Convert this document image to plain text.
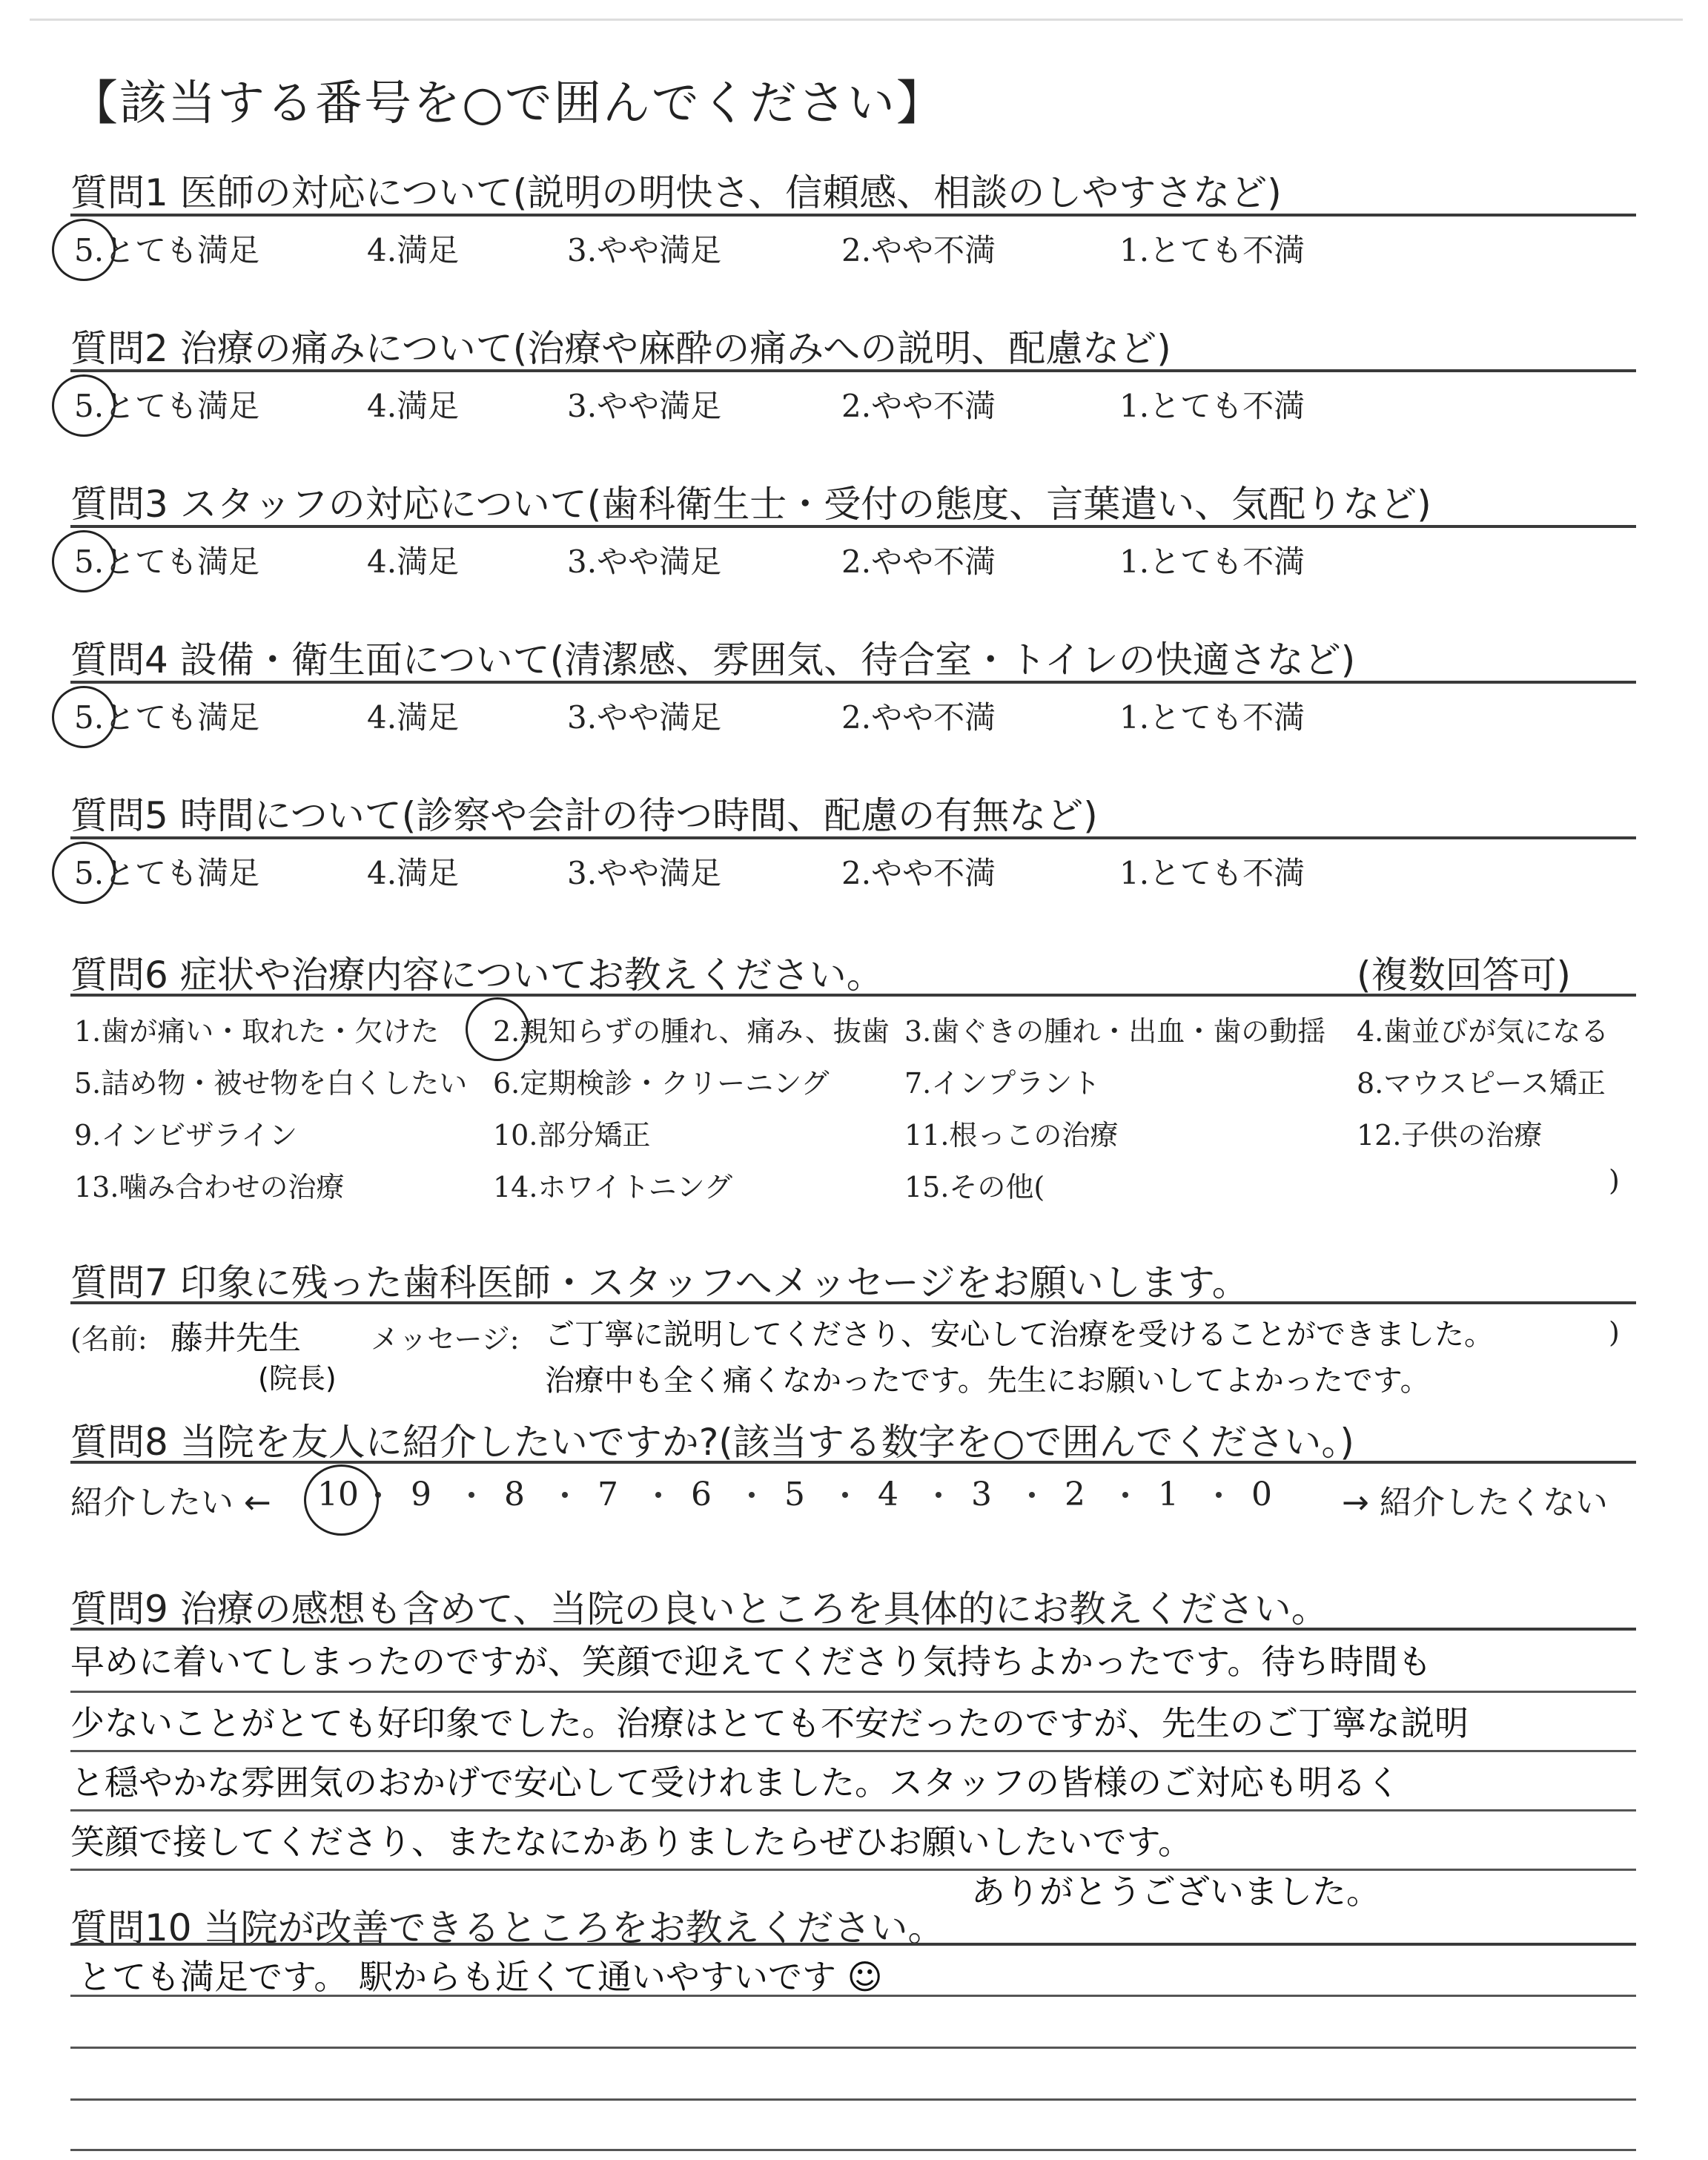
【該当する番号を○で囲んでください】
質問1 医師の対応について(説明の明快さ、信頼感、相談のしやすさなど)
5.とても満足	4.満足	3.やや満足	2.やや不満	1.とても不満
質問2 治療の痛みについて(治療や麻酔の痛みへの説明、配慮など)
5.とても満足	4.満足	3.やや満足	2.やや不満	1.とても不満
質問3 スタッフの対応について(歯科衛生士・受付の態度、言葉遣い、気配りなど)
5.とても満足	4.満足	3.やや満足	2.やや不満	1.とても不満
質問4 設備・衛生面について(清潔感、雰囲気、待合室・トイレの快適さなど)
5.とても満足	4.満足	3.やや満足	2.やや不満	1.とても不満
質問5 時間について(診察や会計の待つ時間、配慮の有無など)
5.とても満足	4.満足	3.やや満足	2.やや不満	1.とても不満
質問6 症状や治療内容についてお教えください。	(複数回答可)
1.歯が痛い・取れた・欠けた 2.親知らずの腫れ、痛み、抜歯 3.歯ぐきの腫れ・出血・歯の動揺 4.歯並びが気になる
5.詰め物・被せ物を白くしたい 6.定期検診・クリーニング	7.インプラント	8.マウスピース矯正
9.インビザライン	10.部分矯正	11.根っこの治療	12.子供の治療
13.噛み合わせの治療	14.ホワイトニング	15.その他(	)
質問7 印象に残った歯科医師・スタッフへメッセージをお願いします。
(名前: 藤井先生
(院長)
メッセージ: ご丁寧に説明してくださり、安心して治療を受けることができました。
治療中も全く痛くなかったです。先生にお願いしてよかったです。
)
質問8 当院を友人に紹介したいですか?(該当する数字を○で囲んでください。)
紹介したい ← 10 9 8 7 6 5 4 3 2 1 0 → 紹介したくない
質問9 治療の感想も含めて、当院の良いところを具体的にお教えください。
早めに着いてしまったのですが、笑顔で迎えてくださり気持ちよかったです。待ち時間も
少ないことがとても好印象でした。治療はとても不安だったのですが、先生のご丁寧な説明
と穏やかな雰囲気のおかげで安心して受けれました。スタッフの皆様のご対応も明るく
笑顔で接してくださり、またなにかありましたらぜひお願いしたいです。
ありがとうございました。
質問10 当院が改善できるところをお教えください。
とても満足です。 駅からも近くて通いやすいです ☺
